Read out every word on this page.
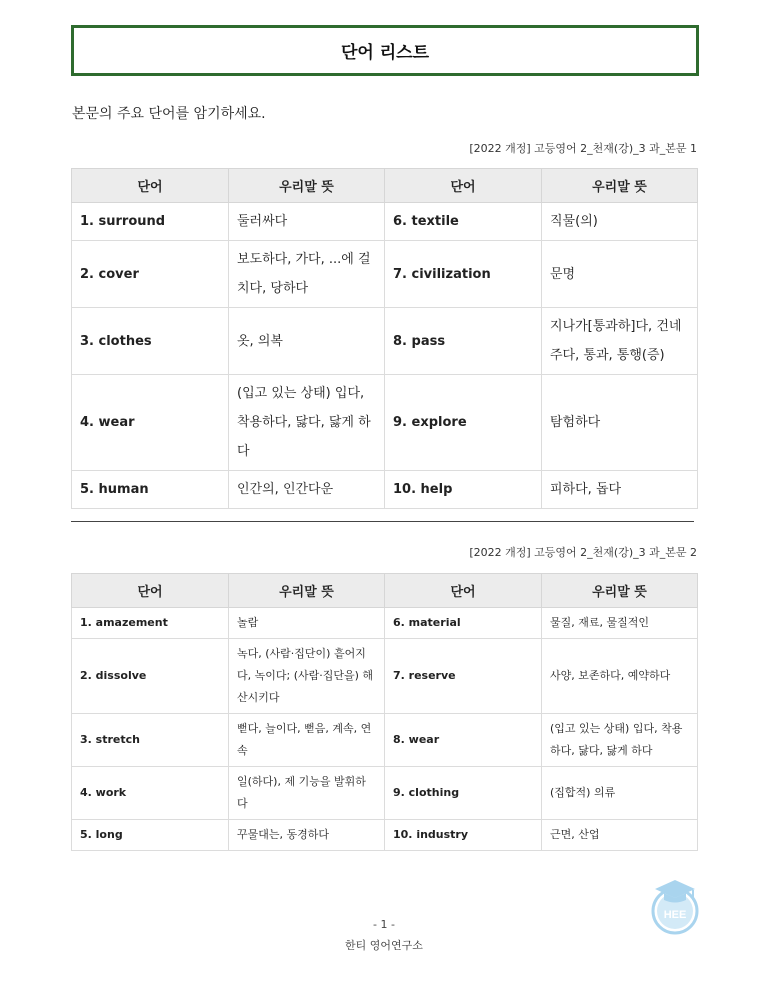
단어 리스트
본문의 주요 단어를 암기하세요.
[2022 개정] 고등영어 2_천재(강)_3 과_본문 1
단어	우리말 뜻	단어	우리말 뜻
1. surround	둘러싸다	6. textile	직물(의)
2. cover	보도하다, 가다, ...에 걸치다, 당하다	7. civilization	문명
3. clothes	옷, 의복	8. pass	지나가[통과하]다, 건네주다, 통과, 통행(증)
4. wear	(입고 있는 상태) 입다, 착용하다, 닳다, 닳게 하다	9. explore	탐험하다
5. human	인간의, 인간다운	10. help	피하다, 돕다
[2022 개정] 고등영어 2_천재(강)_3 과_본문 2
단어	우리말 뜻	단어	우리말 뜻
1. amazement	놀람	6. material	물질, 재료, 물질적인
2. dissolve	녹다, (사람·집단이) 흩어지다, 녹이다; (사람·집단을) 해산시키다	7. reserve	사양, 보존하다, 예약하다
3. stretch	뻗다, 늘이다, 뻗음, 계속, 연속	8. wear	(입고 있는 상태) 입다, 착용하다, 닳다, 닳게 하다
4. work	일(하다), 제 기능을 발휘하다	9. clothing	(집합적) 의류
5. long	꾸물대는, 동경하다	10. industry	근면, 산업
- 1 -
한티 영어연구소
HEE
